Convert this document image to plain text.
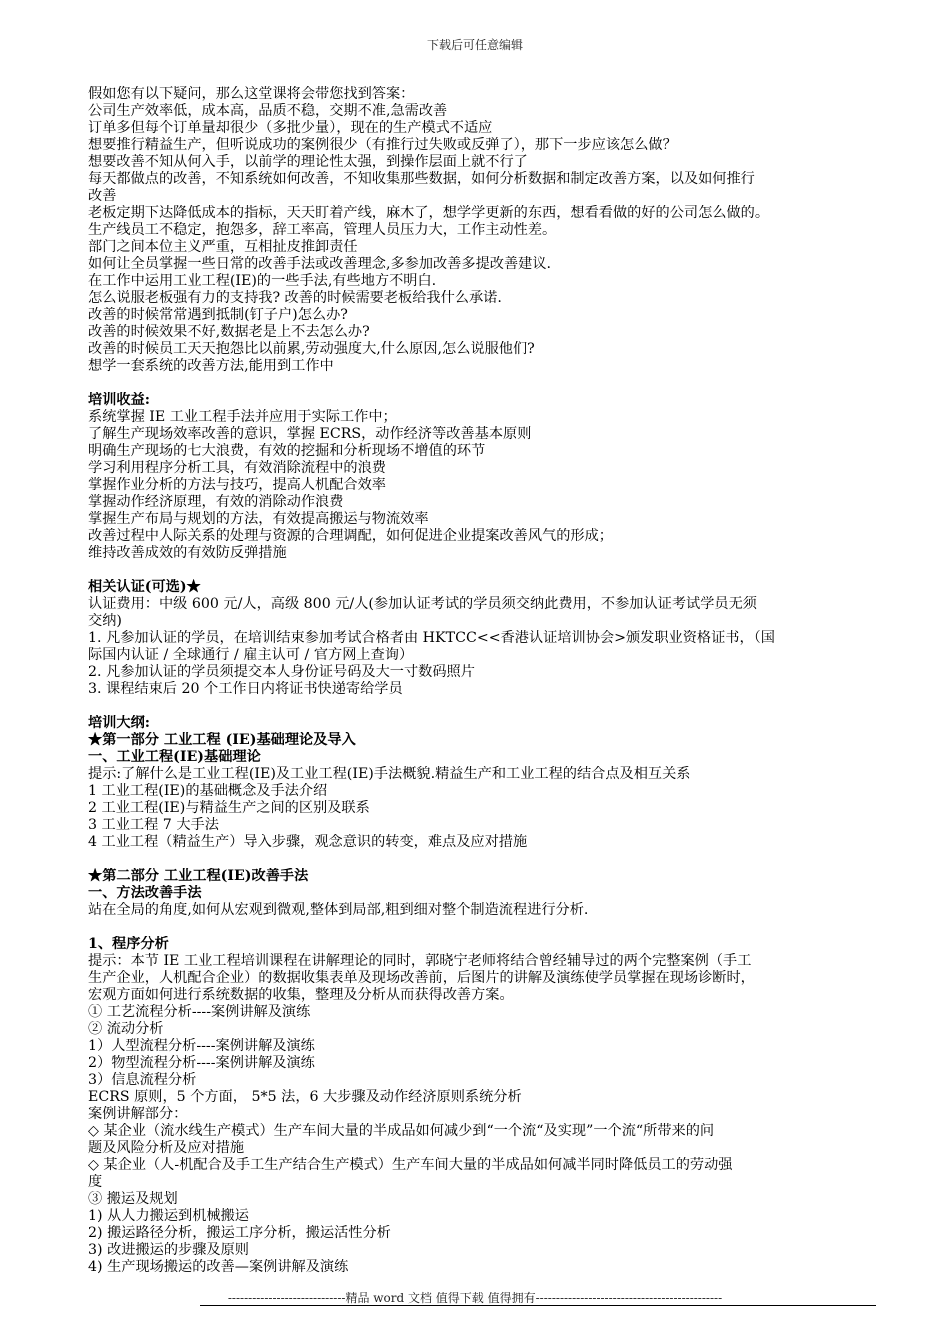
下载后可任意编辑
假如您有以下疑问，那么这堂课将会带您找到答案：
公司生产效率低，成本高，品质不稳，交期不准,急需改善
订单多但每个订单量却很少（多批少量），现在的生产模式不适应
想要推行精益生产，但听说成功的案例很少（有推行过失败或反弹了），那下一步应该怎么做？
想要改善不知从何入手，以前学的理论性太强，到操作层面上就不行了
每天都做点的改善，不知系统如何改善，不知收集那些数据，如何分析数据和制定改善方案，以及如何推行
改善
老板定期下达降低成本的指标，天天盯着产线，麻木了，想学学更新的东西，想看看做的好的公司怎么做的。
生产线员工不稳定，抱怨多，辞工率高，管理人员压力大，工作主动性差。
部门之间本位主义严重，互相扯皮推卸责任
如何让全员掌握一些日常的改善手法或改善理念,多参加改善多提改善建议.
在工作中运用工业工程(IE)的一些手法,有些地方不明白.
怎么说服老板强有力的支持我? 改善的时候需要老板给我什么承诺.
改善的时候常常遇到抵制(钉子户)怎么办?
改善的时候效果不好,数据老是上不去怎么办?
改善的时候员工天天抱怨比以前累,劳动强度大,什么原因,怎么说服他们?
想学一套系统的改善方法,能用到工作中
培训收益:
系统掌握 IE 工业工程手法并应用于实际工作中；
了解生产现场效率改善的意识，掌握 ECRS，动作经济等改善基本原则
明确生产现场的七大浪费，有效的挖掘和分析现场不增值的环节
学习利用程序分析工具，有效消除流程中的浪费
掌握作业分析的方法与技巧，提高人机配合效率
掌握动作经济原理，有效的消除动作浪费
掌握生产布局与规划的方法，有效提高搬运与物流效率
改善过程中人际关系的处理与资源的合理调配，如何促进企业提案改善风气的形成；
维持改善成效的有效防反弹措施
相关认证(可选)★
认证费用：中级 600 元/人，高级 800 元/人(参加认证考试的学员须交纳此费用，不参加认证考试学员无须
交纳)
1. 凡参加认证的学员，在培训结束参加考试合格者由 HKTCC<<香港认证培训协会>颁发职业资格证书，（国
际国内认证 / 全球通行 / 雇主认可 / 官方网上查询）
2. 凡参加认证的学员须提交本人身份证号码及大一寸数码照片
3. 课程结束后 20 个工作日内将证书快递寄给学员
培训大纲:
★第一部分 工业工程 (IE)基础理论及导入
一、工业工程(IE)基础理论
提示:了解什么是工业工程(IE)及工业工程(IE)手法概貌.精益生产和工业工程的结合点及相互关系
1 工业工程(IE)的基础概念及手法介绍
2 工业工程(IE)与精益生产之间的区别及联系
3 工业工程 7 大手法
4 工业工程（精益生产）导入步骤，观念意识的转变，难点及应对措施
★第二部分 工业工程(IE)改善手法
一、方法改善手法
站在全局的角度,如何从宏观到微观,整体到局部,粗到细对整个制造流程进行分析.
1、程序分析
提示：本节 IE 工业工程培训课程在讲解理论的同时，郭晓宁老师将结合曾经辅导过的两个完整案例（手工
生产企业，人机配合企业）的数据收集表单及现场改善前，后图片的讲解及演练使学员掌握在现场诊断时，
宏观方面如何进行系统数据的收集，整理及分析从而获得改善方案。
① 工艺流程分析----案例讲解及演练
② 流动分析
1）人型流程分析----案例讲解及演练
2）物型流程分析----案例讲解及演练
3）信息流程分析
ECRS 原则，5 个方面， 5*5 法，6 大步骤及动作经济原则系统分析
案例讲解部分：
◇ 某企业（流水线生产模式）生产车间大量的半成品如何减少到“一个流“及实现”一个流“所带来的问
题及风险分析及应对措施
◇ 某企业（人-机配合及手工生产结合生产模式）生产车间大量的半成品如何减半同时降低员工的劳动强
度
③ 搬运及规划
1) 从人力搬运到机械搬运
2) 搬运路径分析，搬运工序分析，搬运活性分析
3) 改进搬运的步骤及原则
4) 生产现场搬运的改善—案例讲解及演练
-----------------------------精品 word 文档 值得下载 值得拥有----------------------------------------------
